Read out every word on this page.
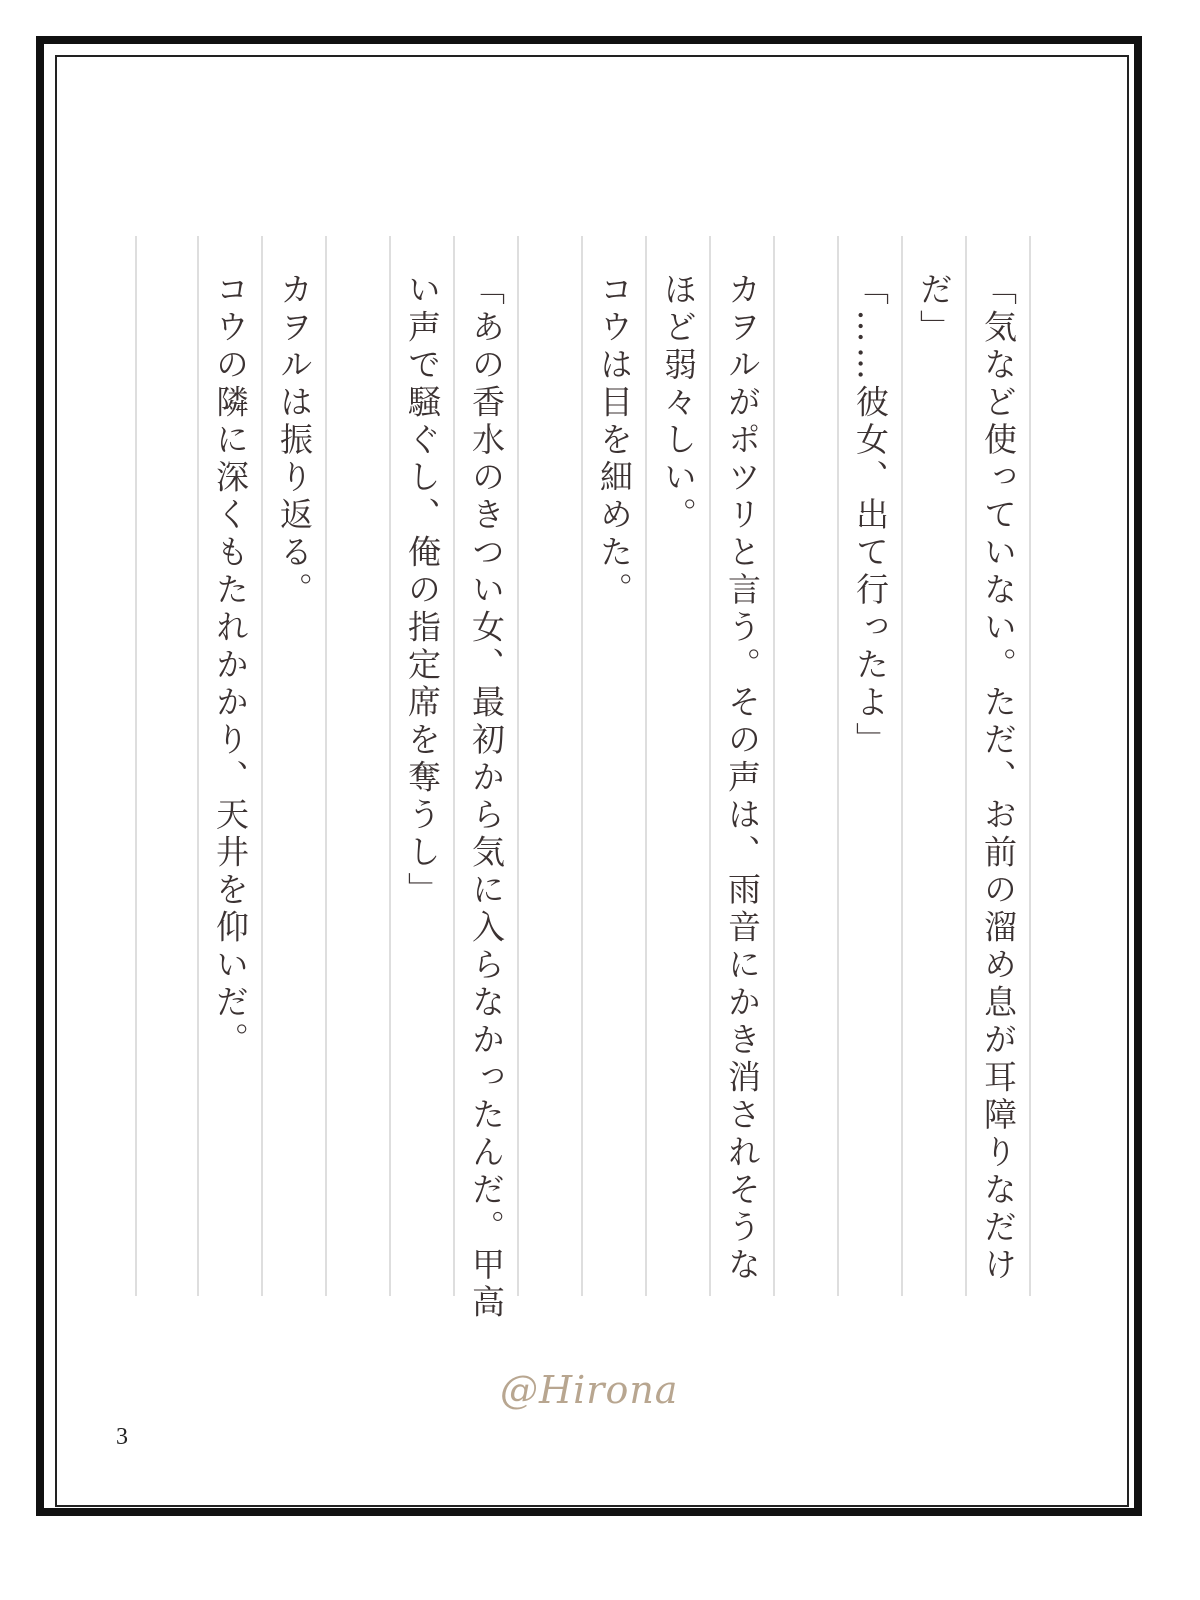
「気など使っていない。ただ、お前の溜め息が耳障りなだけ
だ」
「……彼女、出て行ったよ」
カヲルがポツリと言う。その声は、雨音にかき消されそうな
ほど弱々しい。
コウは目を細めた。
「あの香水のきつい女、最初から気に入らなかったんだ。甲高
い声で騒ぐし、俺の指定席を奪うし」
カヲルは振り返る。
コウの隣に深くもたれかかり、天井を仰いだ。
@Hirona
3
